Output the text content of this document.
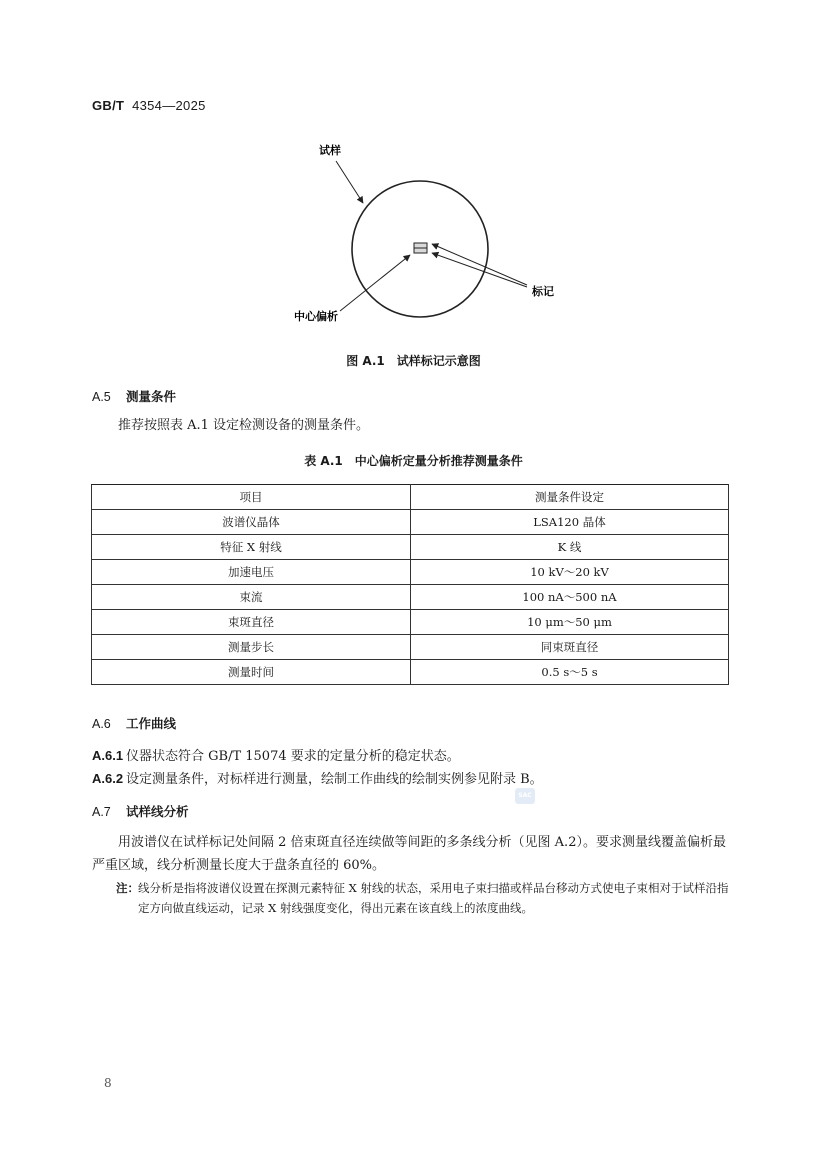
GB/T 4354—2025
试样
标记
中心偏析
图 A.1　试样标记示意图
A.5 测量条件
推荐按照表 A.1 设定检测设备的测量条件。
表 A.1　中心偏析定量分析推荐测量条件
项目	测量条件设定
波谱仪晶体	LSA120 晶体
特征 X 射线	K 线
加速电压	10 kV～20 kV
束流	100 nA～500 nA
束斑直径	10 μm～50 μm
测量步长	同束斑直径
测量时间	0.5 s～5 s
A.6 工作曲线
A.6.1 仪器状态符合 GB/T 15074 要求的定量分析的稳定状态。
A.6.2 设定测量条件，对标样进行测量，绘制工作曲线的绘制实例参见附录 B。
SAC
A.7 试样线分析
用波谱仪在试样标记处间隔 2 倍束斑直径连续做等间距的多条线分析（见图 A.2）。要求测量线覆盖偏析最严重区域，线分析测量长度大于盘条直径的 60%。
注： 线分析是指将波谱仪设置在探测元素特征 X 射线的状态，采用电子束扫描或样品台移动方式使电子束相对于试样沿指定方向做直线运动，记录 X 射线强度变化，得出元素在该直线上的浓度曲线。
8
